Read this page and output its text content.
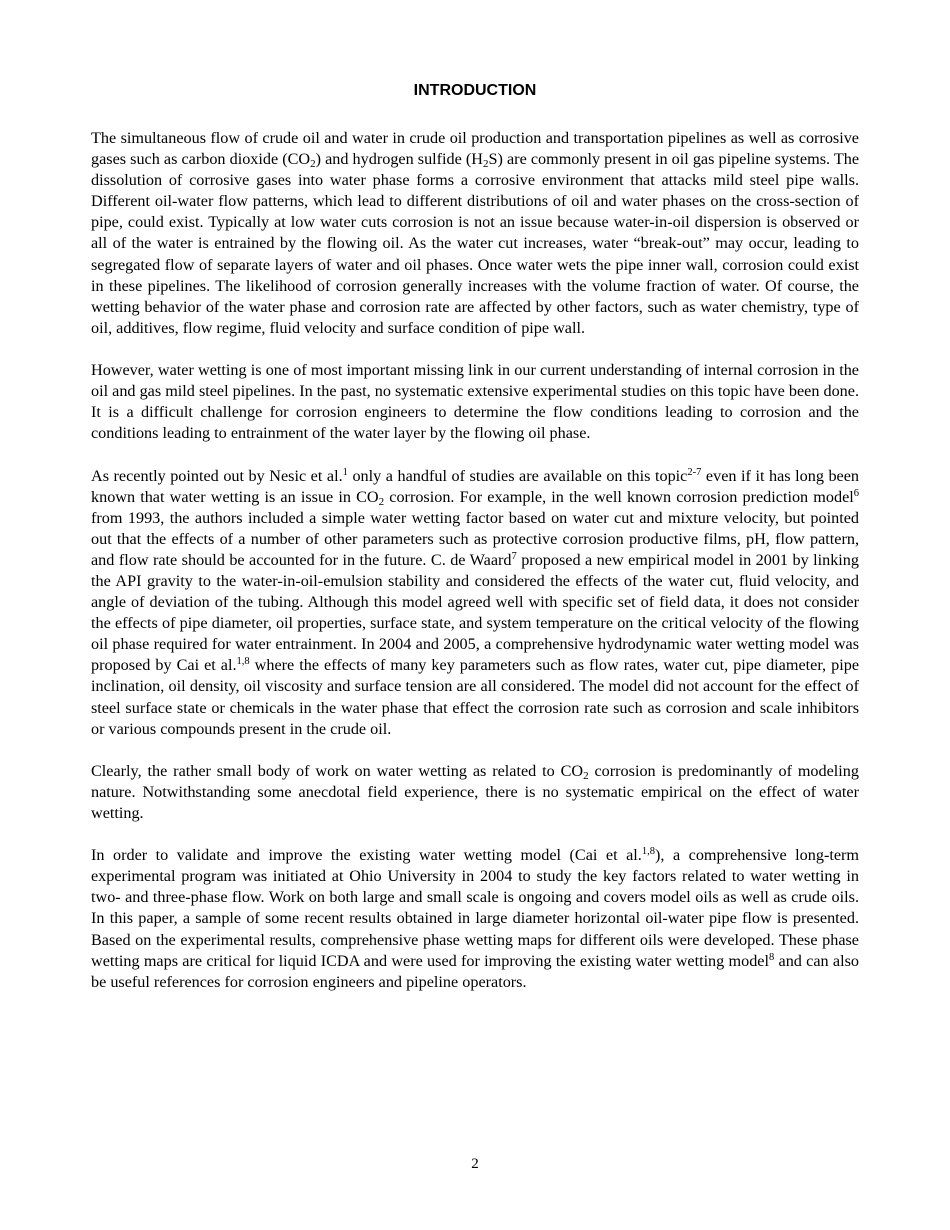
INTRODUCTION

The simultaneous flow of crude oil and water in crude oil production and transportation pipelines as well as corrosive gases such as carbon dioxide $(CO_2)$ and hydrogen sulfide $(H_2S)$ are commonly present in oil gas pipeline systems. The dissolution of corrosive gases into water phase forms a corrosive environment that attacks mild steel pipe walls. Different oil-water flow patterns, which lead to different distributions of oil and water phases on the cross-section of pipe, could exist. Typically at low water cuts corrosion is not an issue because water-in-oil dispersion is observed or all of the water is entrained by the flowing oil. As the water cut increases, water “break-out” may occur, leading to segregated flow of separate layers of water and oil phases. Once water wets the pipe inner wall, corrosion could exist in these pipelines. The likelihood of corrosion generally increases with the volume fraction of water. Of course, the wetting behavior of the water phase and corrosion rate are affected by other factors, such as water chemistry, type of oil, additives, flow regime, fluid velocity and surface condition of pipe wall.

However, water wetting is one of most important missing link in our current understanding of internal corrosion in the oil and gas mild steel pipelines. In the past, no systematic extensive experimental studies on this topic have been done. It is a difficult challenge for corrosion engineers to determine the flow conditions leading to corrosion and the conditions leading to entrainment of the water layer by the flowing oil phase.

As recently pointed out by Nesic et al.$^1$ only a handful of studies are available on this topic$^{2-7}$ even if it has long been known that water wetting is an issue in $CO_2$ corrosion. For example, in the well known corrosion prediction model$^6$ from 1993, the authors included a simple water wetting factor based on water cut and mixture velocity, but pointed out that the effects of a number of other parameters such as protective corrosion productive films, pH, flow pattern, and flow rate should be accounted for in the future. C. de Waard$^7$ proposed a new empirical model in 2001 by linking the API gravity to the water-in-oil-emulsion stability and considered the effects of the water cut, fluid velocity, and angle of deviation of the tubing. Although this model agreed well with specific set of field data, it does not consider the effects of pipe diameter, oil properties, surface state, and system temperature on the critical velocity of the flowing oil phase required for water entrainment. In 2004 and 2005, a comprehensive hydrodynamic water wetting model was proposed by Cai et al.$^{1,8}$ where the effects of many key parameters such as flow rates, water cut, pipe diameter, pipe inclination, oil density, oil viscosity and surface tension are all considered. The model did not account for the effect of steel surface state or chemicals in the water phase that effect the corrosion rate such as corrosion and scale inhibitors or various compounds present in the crude oil.

Clearly, the rather small body of work on water wetting as related to $CO_2$ corrosion is predominantly of modeling nature. Notwithstanding some anecdotal field experience, there is no systematic empirical on the effect of water wetting.

In order to validate and improve the existing water wetting model (Cai et al.$^{1,8}$), a comprehensive long-term experimental program was initiated at Ohio University in 2004 to study the key factors related to water wetting in two- and three-phase flow. Work on both large and small scale is ongoing and covers model oils as well as crude oils. In this paper, a sample of some recent results obtained in large diameter horizontal oil-water pipe flow is presented. Based on the experimental results, comprehensive phase wetting maps for different oils were developed. These phase wetting maps are critical for liquid ICDA and were used for improving the existing water wetting model$^8$ and can also be useful references for corrosion engineers and pipeline operators.

2
